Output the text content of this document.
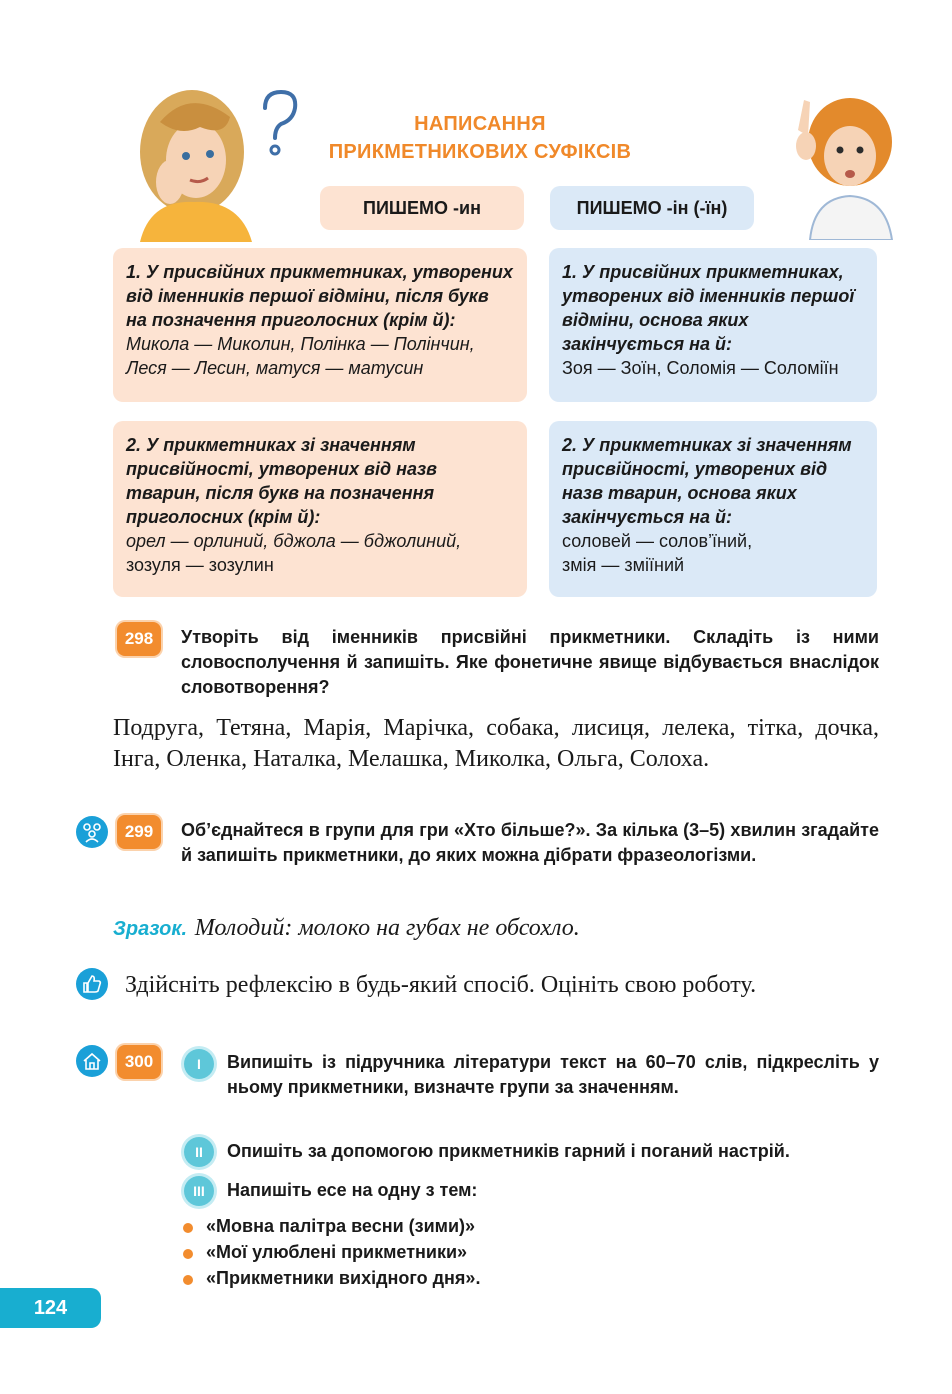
НАПИСАННЯ
ПРИКМЕТНИКОВИХ СУФІКСІВ
ПИШЕМО -ин	ПИШЕМО -ін (-їн)
1. У присвійних прикметниках, утворених від іменників першої відміни, після букв на позначення приголосних (крім й):
Микола — Миколин, Полінка — Полінчин,
Леся — Лесин, матуся — матусин
1. У присвійних прикметниках, утворених від іменників першої відміни, основа яких закінчується на й:
Зоя — Зоїн, Соломія — Соломіїн
2. У прикметниках зі значенням присвійності, утворених від назв тварин, після букв на позначення приголосних (крім й):
орел — орлиний, бджола — бджолиний,
зозуля — зозулин
2. У прикметниках зі значенням присвійності, утворених від назв тварин, основа яких закінчується на й:
соловей — солов’їний,
змія — зміїний
298	Утворіть від іменників присвійні прикметники. Складіть із ними словосполучення й запишіть. Яке фонетичне явище відбувається внаслідок словотворення?
Подруга, Тетяна, Марія, Марічка, собака, лисиця, лелека, тітка, дочка, Інга, Оленка, Наталка, Мелашка, Миколка, Ольга, Солоха.
299	Об’єднайтеся в групи для гри «Хто більше?». За кілька (3–5) хвилин згадайте й запишіть прикметники, до яких можна дібрати фразеологізми.
Зразок. Молодий: молоко на губах не обсохло.
Здійсніть рефлексію в будь-який спосіб. Оцініть свою роботу.
300	I	Випишіть із підручника літератури текст на 60–70 слів, підкресліть у ньому прикметники, визначте групи за значенням.
II	Опишіть за допомогою прикметників гарний і поганий настрій.
III	Напишіть есе на одну з тем:
«Мовна палітра весни (зими)»
«Мої улюблені прикметники»
«Прикметники вихідного дня».
124
